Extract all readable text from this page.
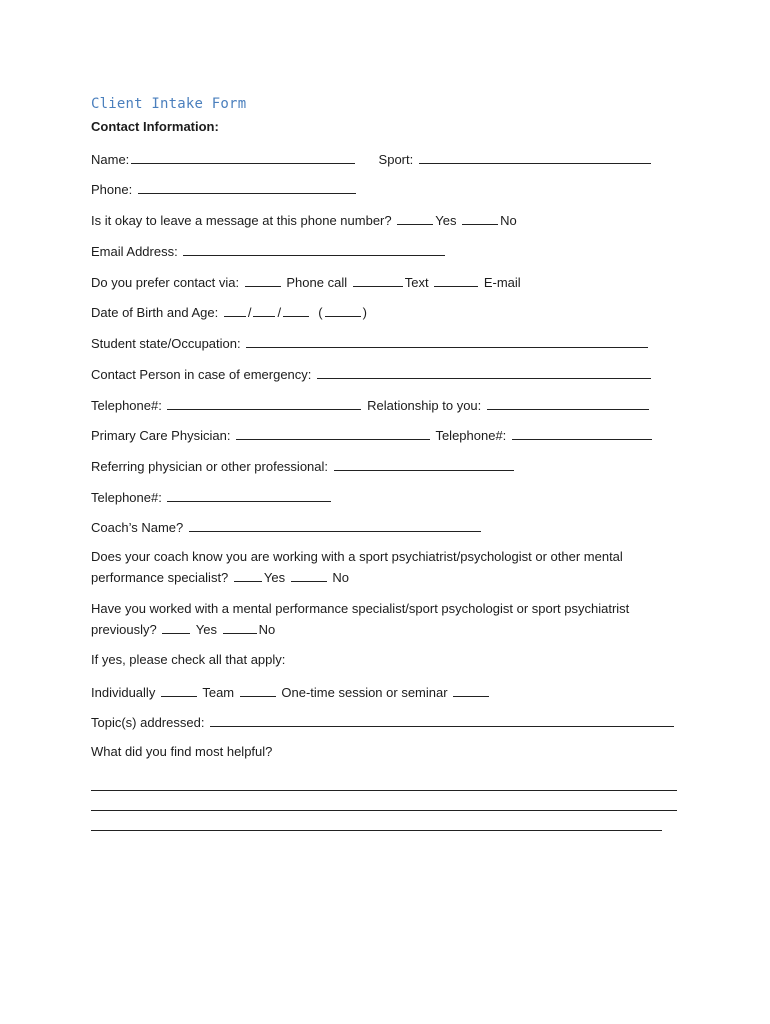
Client Intake Form
Contact Information:
Name:	Sport:
Phone:
Is it okay to leave a message at this phone number?	Yes	No
Email Address:
Do you prefer contact via:	Phone call	Text	E-mail
Date of Birth and Age: / /  (	)
Student state/Occupation:
Contact Person in case of emergency:
Telephone#:	Relationship to you:
Primary Care Physician:	Telephone#:
Referring physician or other professional:
Telephone#:
Coach’s Name?
Does your coach know you are working with a sport psychiatrist/psychologist or other mental
performance specialist?	Yes	No
Have you worked with a mental performance specialist/sport psychologist or sport psychiatrist
previously?	Yes	No
If yes, please check all that apply:
Individually	Team	One-time session or seminar
Topic(s) addressed:
What did you find most helpful?
